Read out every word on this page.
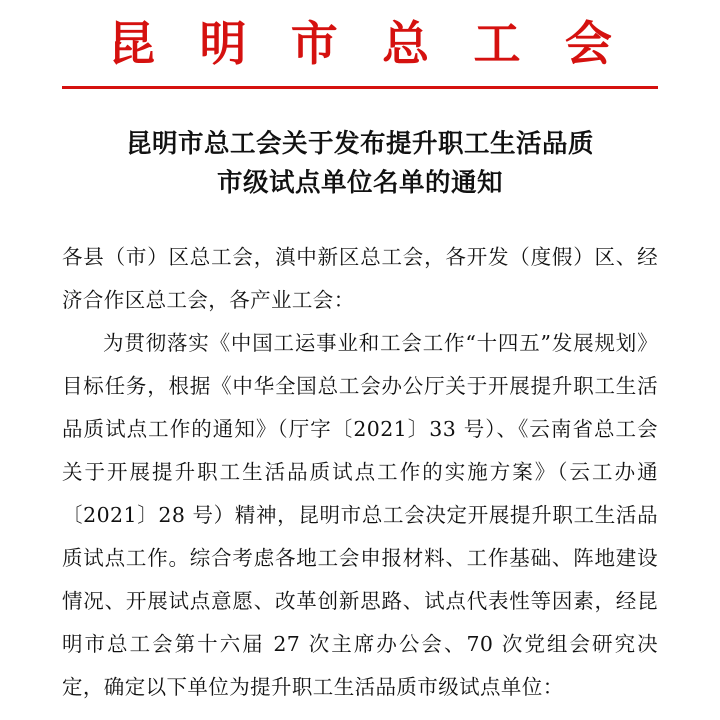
昆 明 市 总 工 会
昆明市总工会关于发布提升职工生活品质
市级试点单位名单的通知

各县（市）区总工会，滇中新区总工会，各开发（度假）区、经济合作区总工会，各产业工会：

为贯彻落实《中国工运事业和工会工作“十四五”发展规划》目标任务，根据《中华全国总工会办公厅关于开展提升职工生活品质试点工作的通知》（厅字〔2021〕33 号）、《云南省总工会关于开展提升职工生活品质试点工作的实施方案》（云工办通〔2021〕28 号）精神，昆明市总工会决定开展提升职工生活品质试点工作。综合考虑各地工会申报材料、工作基础、阵地建设情况、开展试点意愿、改革创新思路、试点代表性等因素，经昆明市总工会第十六届 27 次主席办公会、70 次党组会研究决定，确定以下单位为提升职工生活品质市级试点单位：
